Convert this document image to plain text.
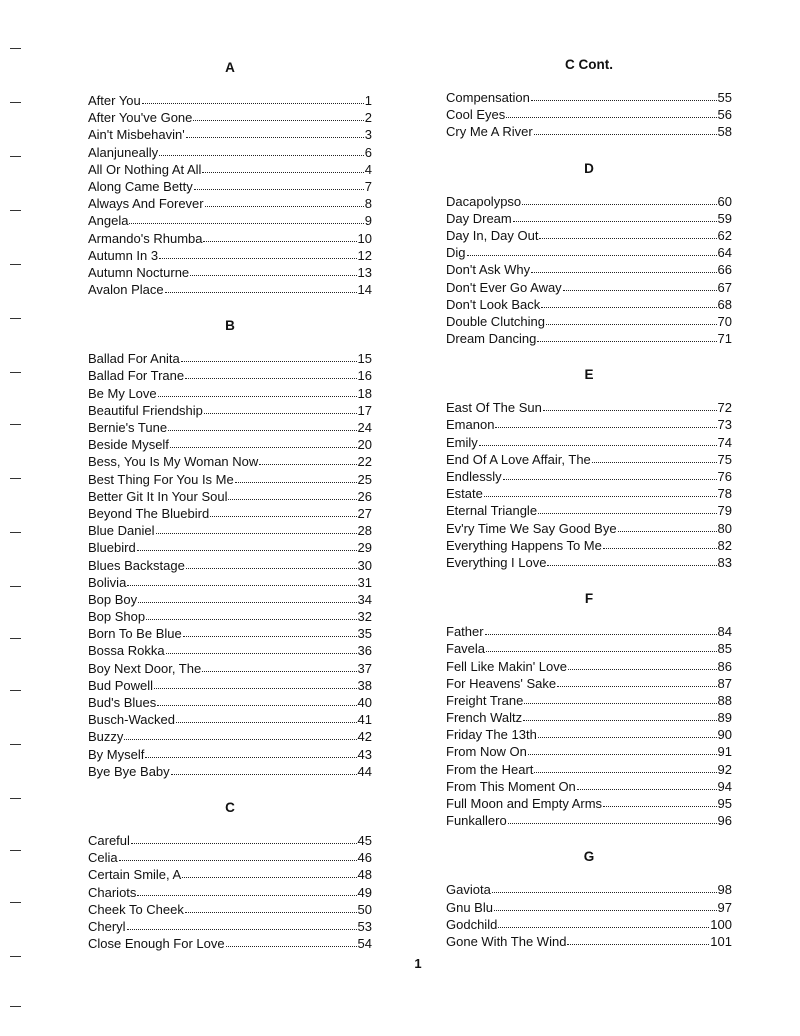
A
After You	1
After You've Gone	2
Ain't Misbehavin'	3
Alanjuneally	6
All Or Nothing At All	4
Along Came Betty	7
Always And Forever	8
Angela	9
Armando's Rhumba	10
Autumn In 3	12
Autumn Nocturne	13
Avalon Place	14
B
Ballad For Anita	15
Ballad For Trane	16
Be My Love	18
Beautiful Friendship	17
Bernie's Tune	24
Beside Myself	20
Bess, You Is My Woman Now	22
Best Thing For You Is Me	25
Better Git It In Your Soul	26
Beyond The Bluebird	27
Blue Daniel	28
Bluebird	29
Blues Backstage	30
Bolivia	31
Bop Boy	34
Bop Shop	32
Born To Be Blue	35
Bossa Rokka	36
Boy Next Door, The	37
Bud Powell	38
Bud's Blues	40
Busch-Wacked	41
Buzzy	42
By Myself	43
Bye Bye Baby	44
C
Careful	45
Celia	46
Certain Smile, A	48
Chariots	49
Cheek To Cheek	50
Cheryl	53
Close Enough For Love	54
C Cont.
Compensation	55
Cool Eyes	56
Cry Me A River	58
D
Dacapolypso	60
Day Dream	59
Day In, Day Out	62
Dig	64
Don't Ask Why	66
Don't Ever Go Away	67
Don't Look Back	68
Double Clutching	70
Dream Dancing	71
E
East Of The Sun	72
Emanon	73
Emily	74
End Of A Love Affair, The	75
Endlessly	76
Estate	78
Eternal Triangle	79
Ev'ry Time We Say Good Bye	80
Everything Happens To Me	82
Everything I Love	83
F
Father	84
Favela	85
Fell Like Makin' Love	86
For Heavens' Sake	87
Freight Trane	88
French Waltz	89
Friday The 13th	90
From Now On	91
From the Heart	92
From This Moment On	94
Full Moon and Empty Arms	95
Funkallero	96
G
Gaviota	98
Gnu Blu	97
Godchild	100
Gone With The Wind	101
1
